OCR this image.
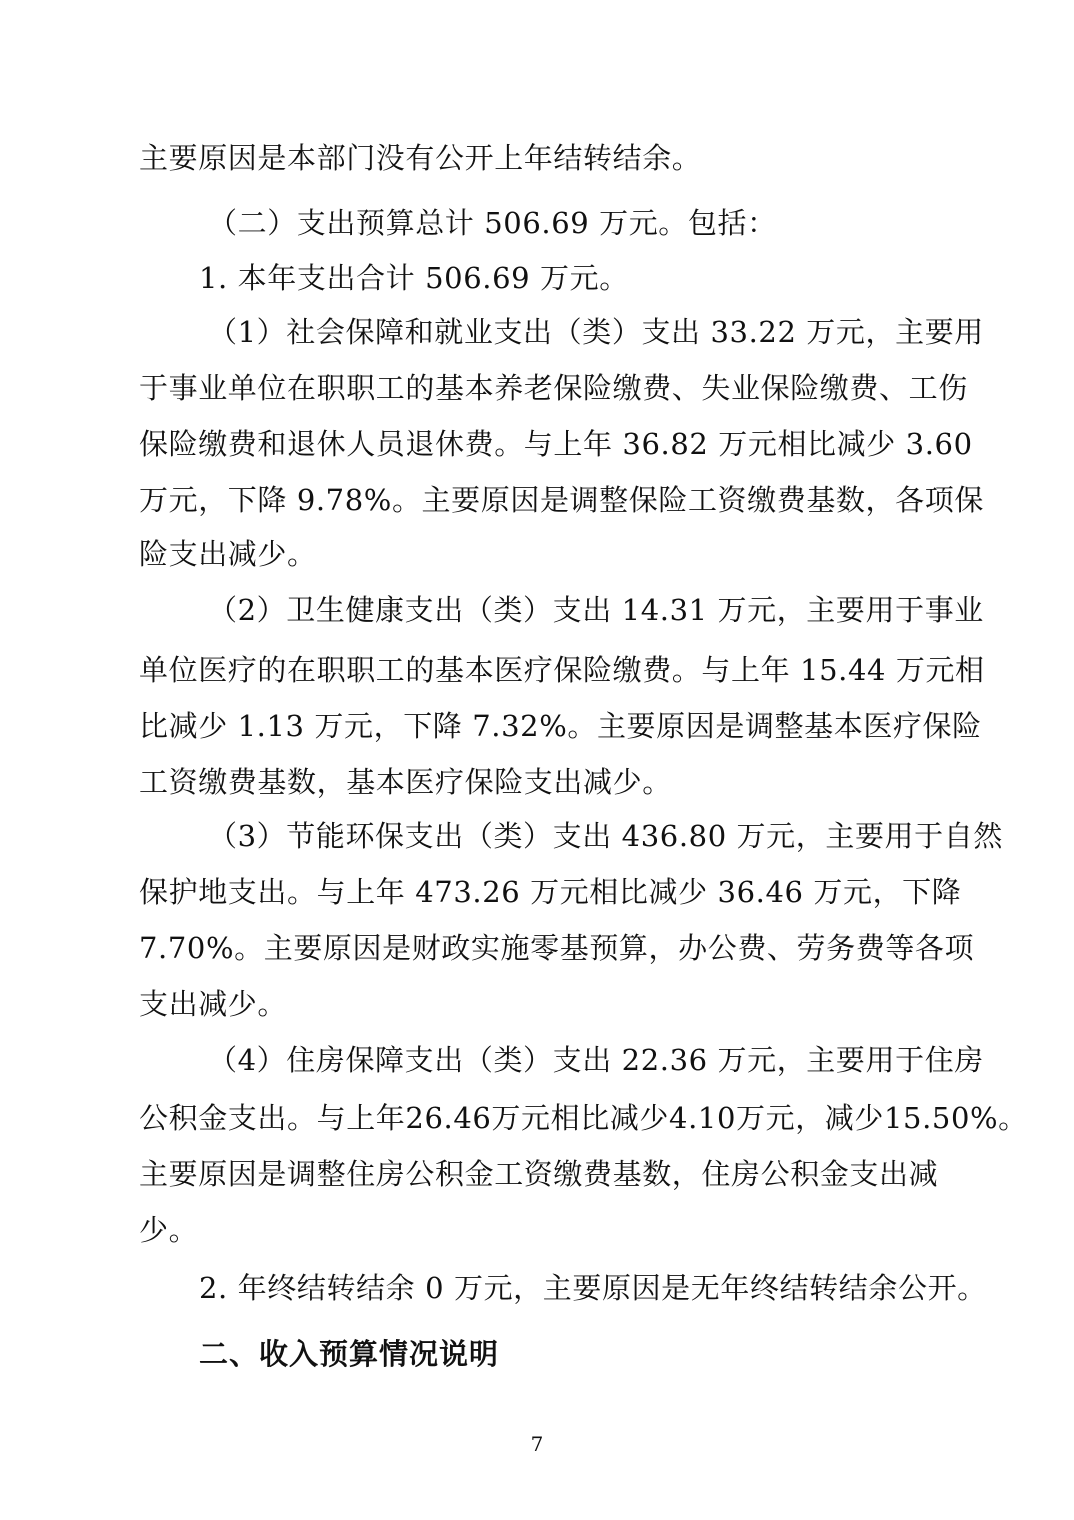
主要原因是本部门没有公开上年结转结余。
（二）支出预算总计 506.69 万元。包括：
1. 本年支出合计 506.69 万元。
（1）社会保障和就业支出（类）支出 33.22 万元，主要用
于事业单位在职职工的基本养老保险缴费、失业保险缴费、工伤
保险缴费和退休人员退休费。与上年 36.82 万元相比减少 3.60
万元，下降 9.78%。主要原因是调整保险工资缴费基数，各项保
险支出减少。
（2）卫生健康支出（类）支出 14.31 万元，主要用于事业
单位医疗的在职职工的基本医疗保险缴费。与上年 15.44 万元相
比减少 1.13 万元，下降 7.32%。主要原因是调整基本医疗保险
工资缴费基数，基本医疗保险支出减少。
（3）节能环保支出（类）支出 436.80 万元，主要用于自然
保护地支出。与上年 473.26 万元相比减少 36.46 万元，下降
7.70%。主要原因是财政实施零基预算，办公费、劳务费等各项
支出减少。
（4）住房保障支出（类）支出 22.36 万元，主要用于住房
公积金支出。与上年26.46万元相比减少4.10万元，减少15.50%。
主要原因是调整住房公积金工资缴费基数，住房公积金支出减
少。
2. 年终结转结余 0 万元，主要原因是无年终结转结余公开。
二、收入预算情况说明
7
